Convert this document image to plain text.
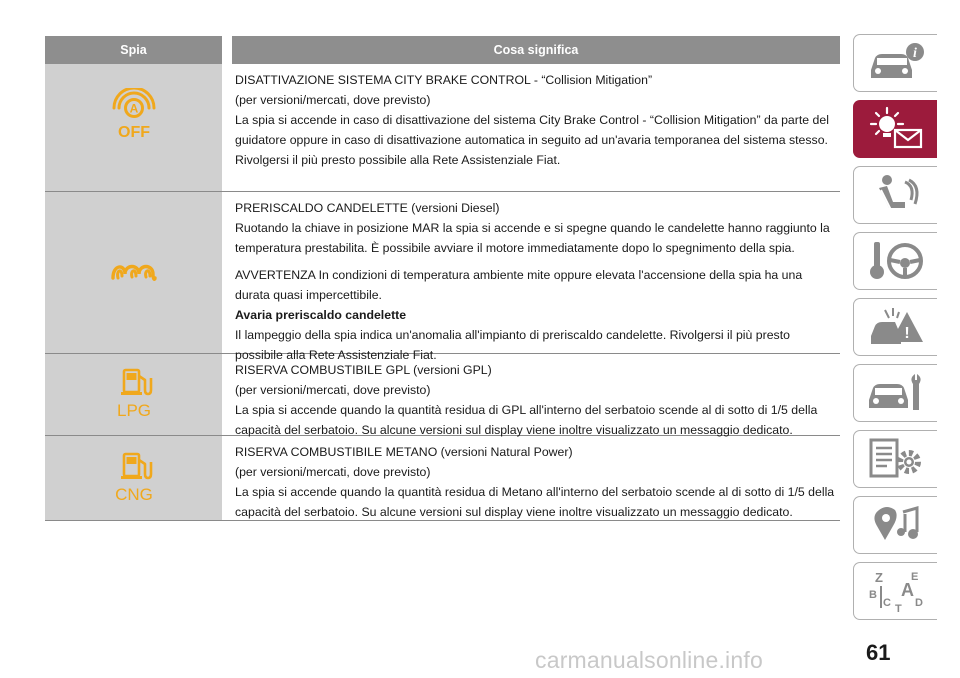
Spia	Cosa significa
A
OFF

DISATTIVAZIONE SISTEMA CITY BRAKE CONTROL - “Collision Mitigation”

(per versioni/mercati, dove previsto)

La spia si accende in caso di disattivazione del sistema City Brake Control - “Collision Mitigation” da parte del guidatore oppure in caso di disattivazione automatica in seguito ad un'avaria temporanea del sistema stesso. Rivolgersi il più presto possibile alla Rete Assistenziale Fiat.

PRERISCALDO CANDELETTE (versioni Diesel)

Ruotando la chiave in posizione MAR la spia si accende e si spegne quando le candelette hanno raggiunto la temperatura prestabilita. È possibile avviare il motore immediatamente dopo lo spegnimento della spia.

AVVERTENZA In condizioni di temperatura ambiente mite oppure elevata l'accensione della spia ha una durata quasi impercettibile.

Avaria preriscaldo candelette

Il lampeggio della spia indica un'anomalia all'impianto di preriscaldo candelette. Rivolgersi il più presto possibile alla Rete Assistenziale Fiat.

LPG

RISERVA COMBUSTIBILE GPL (versioni GPL)

(per versioni/mercati, dove previsto)

La spia si accende quando la quantità residua di GPL all'interno del serbatoio scende al di sotto di 1/5 della capacità del serbatoio. Su alcune versioni sul display viene inoltre visualizzato un messaggio dedicato.

CNG

RISERVA COMBUSTIBILE METANO (versioni Natural Power)

(per versioni/mercati, dove previsto)

La spia si accende quando la quantità residua di Metano all'interno del serbatoio scende al di sotto di 1/5 della capacità del serbatoio. Su alcune versioni sul display viene inoltre visualizzato un messaggio dedicato.

i
!
Z	E
A
B
C D
T
61
carmanualsonline.info
